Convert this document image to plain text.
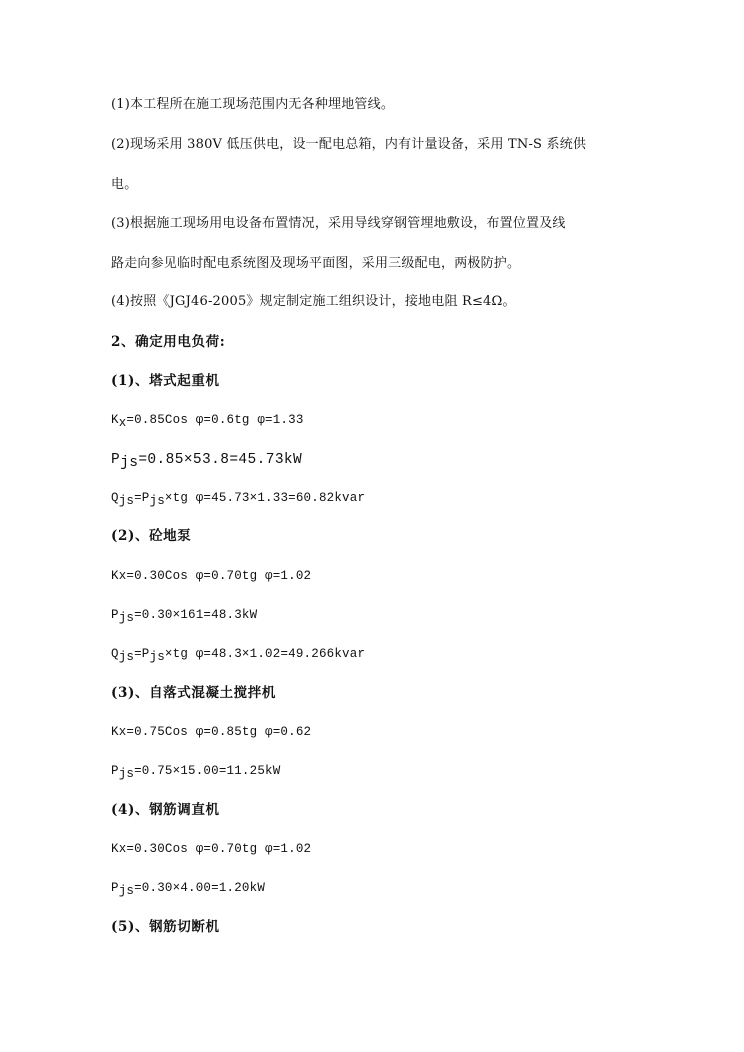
(1)本工程所在施工现场范围内无各种埋地管线。
(2)现场采用 380V 低压供电，设一配电总箱，内有计量设备，采用 TN-S 系统供
电。
(3)根据施工现场用电设备布置情况，采用导线穿钢管埋地敷设，布置位置及线
路走向参见临时配电系统图及现场平面图，采用三级配电，两极防护。
(4)按照《JGJ46-2005》规定制定施工组织设计，接地电阻 R≤4Ω。
2、确定用电负荷:
(1)、塔式起重机
$K_x=0.85Cos$ φ=0.6tg φ=1.33
$P_{js}=0.85\times 53.8=45.73kW$
$Q_{js}=P_{js}\times tg$ φ=45.73×1.33=60.82kvar
(2)、砼地泵
Kx=0.30Cos φ=0.70tg φ=1.02
$P_{js}=0.30\times 161=48.3kW$
$Q_{js}=P_{js}\times tg$ φ=48.3×1.02=49.266kvar
(3)、自落式混凝土搅拌机
Kx=0.75Cos φ=0.85tg φ=0.62
$P_{js}=0.75\times 15.00=11.25kW$
(4)、钢筋调直机
Kx=0.30Cos φ=0.70tg φ=1.02
$P_{js}=0.30\times 4.00=1.20kW$
(5)、钢筋切断机
